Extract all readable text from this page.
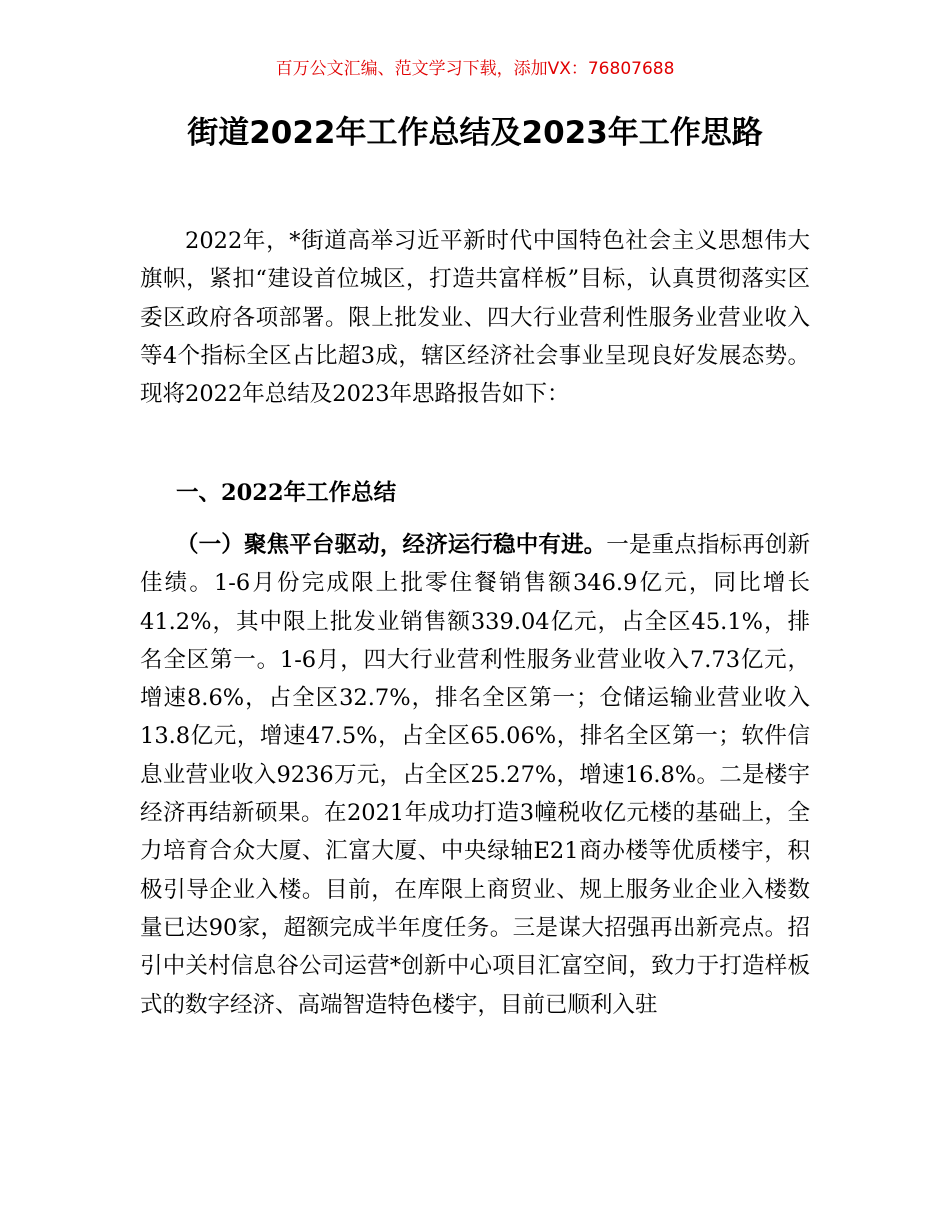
百万公文汇编、范文学习下载，添加VX：76807688
街道2022年工作总结及2023年工作思路

2022年，*街道高举习近平新时代中国特色社会主义思想伟大旗帜，紧扣“建设首位城区，打造共富样板”目标，认真贯彻落实区委区政府各项部署。限上批发业、四大行业营利性服务业营业收入等4个指标全区占比超3成，辖区经济社会事业呈现良好发展态势。现将2022年总结及2023年思路报告如下：

一、2022年工作总结

（一）聚焦平台驱动，经济运行稳中有进。一是重点指标再创新佳绩。1-6月份完成限上批零住餐销售额346.9亿元，同比增长41.2%，其中限上批发业销售额339.04亿元，占全区45.1%，排名全区第一。1-6月，四大行业营利性服务业营业收入7.73亿元，增速8.6%，占全区32.7%，排名全区第一；仓储运输业营业收入13.8亿元，增速47.5%，占全区65.06%，排名全区第一；软件信息业营业收入9236万元，占全区25.27%，增速16.8%。二是楼宇经济再结新硕果。在2021年成功打造3幢税收亿元楼的基础上，全力培育合众大厦、汇富大厦、中央绿轴E21商办楼等优质楼宇，积极引导企业入楼。目前，在库限上商贸业、规上服务业企业入楼数量已达90家，超额完成半年度任务。三是谋大招强再出新亮点。招引中关村信息谷公司运营*创新中心项目汇富空间，致力于打造样板式的数字经济、高端智造特色楼宇，目前已顺利入驻
